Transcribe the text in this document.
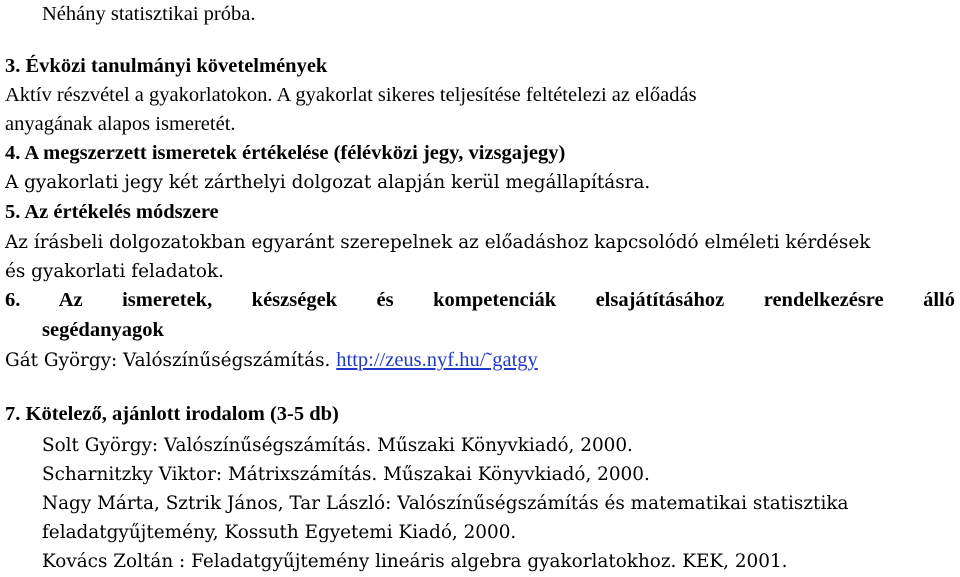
Néhány statisztikai próba.
3. Évközi tanulmányi követelmények
Aktív részvétel a gyakorlatokon. A gyakorlat sikeres teljesítése feltételezi az előadás
anyagának alapos ismeretét.
4. A megszerzett ismeretek értékelése (félévközi jegy, vizsgajegy)
A gyakorlati jegy két zárthelyi dolgozat alapján kerül megállapításra.
5. Az értékelés módszere
Az írásbeli dolgozatokban egyaránt szerepelnek az előadáshoz kapcsolódó elméleti kérdések
és gyakorlati feladatok.
6. Az ismeretek, készségek és kompetenciák elsajátításához rendelkezésre álló
segédanyagok
Gát György: Valószínűségszámítás. http://zeus.nyf.hu/˜gatgy
7. Kötelező, ajánlott irodalom (3-5 db)
Solt György: Valószínűségszámítás. Műszaki Könyvkiadó, 2000.
Scharnitzky Viktor: Mátrixszámítás. Műszakai Könyvkiadó, 2000.
Nagy Márta, Sztrik János, Tar László: Valószínűségszámítás és matematikai statisztika
feladatgyűjtemény, Kossuth Egyetemi Kiadó, 2000.
Kovács Zoltán : Feladatgyűjtemény lineáris algebra gyakorlatokhoz. KEK, 2001.
